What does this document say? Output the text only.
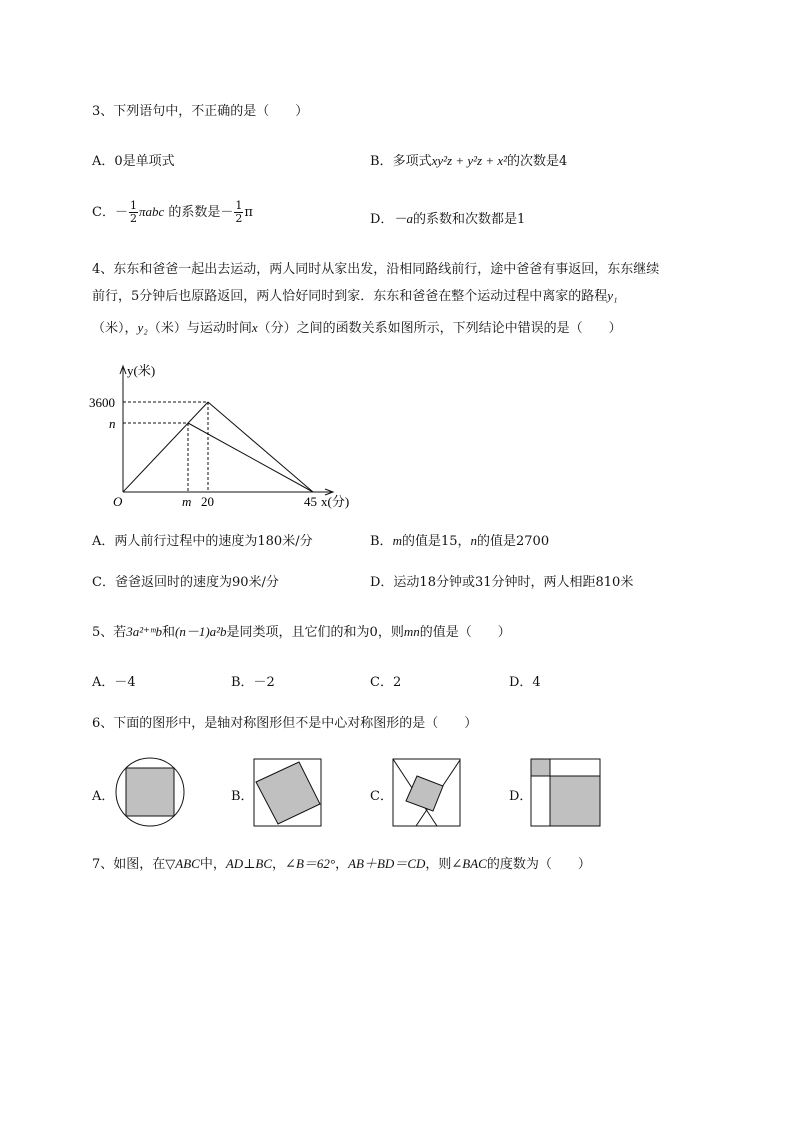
3、下列语句中，不正确的是（　　）
A．0是单项式	B．多项式xy²z + y²z + x²的次数是4
C．－ $\frac{1}{2}$ πabc 的系数是－ $\frac{1}{2}$ π	D．－a的系数和次数都是1
4、东东和爸爸一起出去运动，两人同时从家出发，沿相同路线前行，途中爸爸有事返回，东东继续
前行，5分钟后也原路返回，两人恰好同时到家．东东和爸爸在整个运动过程中离家的路程y₁
（米），y₂（米）与运动时间x（分）之间的函数关系如图所示，下列结论中错误的是（　　）
y(米)
3600
n
O	m 20	45 x(分)
A．两人前行过程中的速度为180米/分	B．m的值是15，n的值是2700
C．爸爸返回时的速度为90米/分	D．运动18分钟或31分钟时，两人相距810米
5、若3a²⁺ᵐb和(n－1)a²b是同类项，且它们的和为0，则mn的值是（　　）
A．－4	B．－2	C．2	D．4
6、下面的图形中，是轴对称图形但不是中心对称图形的是（　　）
A．	B．	C．	D．
7、如图，在▽ABC中，AD⊥BC，∠B＝62°，AB＋BD＝CD，则∠BAC的度数为（　　）
